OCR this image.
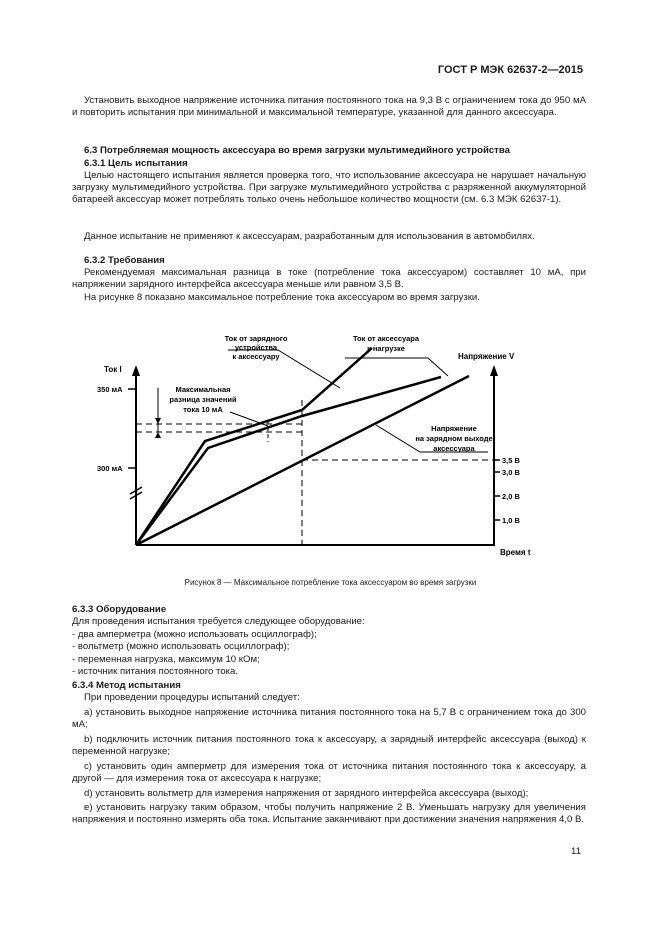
ГОСТ Р МЭК 62637-2—2015
Установить выходное напряжение источника питания постоянного тока на 9,3 В с ограничением тока до 950 мА и повторить испытания при минимальной и максимальной температуре, указанной для данного аксессуара.
6.3 Потребляемая мощность аксессуара во время загрузки мультимедийного устройства
6.3.1 Цель испытания
Целью настоящего испытания является проверка того, что использование аксессуара не нарушает начальную загрузку мультимедийного устройства. При загрузке мультимедийного устройства с разряженной аккумуляторной батареей аксессуар может потреблять только очень небольшое количество мощности (см. 6.3 МЭК 62637-1).
Данное испытание не применяют к аксессуарам, разработанным для использования в автомобилях.
6.3.2 Требования
Рекомендуемая максимальная разница в токе (потребление тока аксессуаром) составляет 10 мА, при напряжении зарядного интерфейса аксессуара меньше или равном 3,5 В.
На рисунке 8 показано максимальное потребление тока аксессуаром во время загрузки.
Ток I
350 мА
300 мА
Время t
Напряжение V
3,5 В
3,0 В
2,0 В
1,0 В
Ток от зарядного
устройства
к аксессуару
Ток от аксессуара
к нагрузке
Максимальная
разница значений
тока 10 мА
Напряжение
на зарядном выходе
аксессуара
Рисунок 8 — Максимальное потребление тока аксессуаром во время загрузки
6.3.3 Оборудование
Для проведения испытания требуется следующее оборудование:
- два амперметра (можно использовать осциллограф);
- вольтметр (можно использовать осциллограф);
- переменная нагрузка, максимум 10 кОм;
- источник питания постоянного тока.
6.3.4 Метод испытания
При проведении процедуры испытаний следует:
а) установить выходное напряжение источника питания постоянного тока на 5,7 В с ограничением тока до 300 мА;
b) подключить источник питания постоянного тока к аксессуару, а зарядный интерфейс аксессуара (выход) к переменной нагрузке;
с) установить один амперметр для измерения тока от источника питания постоянного тока к аксессуару, а другой — для измерения тока от аксессуара к нагрузке;
d) установить вольтметр для измерения напряжения от зарядного интерфейса аксессуара (выход);
е) установить нагрузку таким образом, чтобы получить напряжение 2 В. Уменьшать нагрузку для увеличения напряжения и постоянно измерять оба тока. Испытание заканчивают при достижении значения напряжения 4,0 В.
11
